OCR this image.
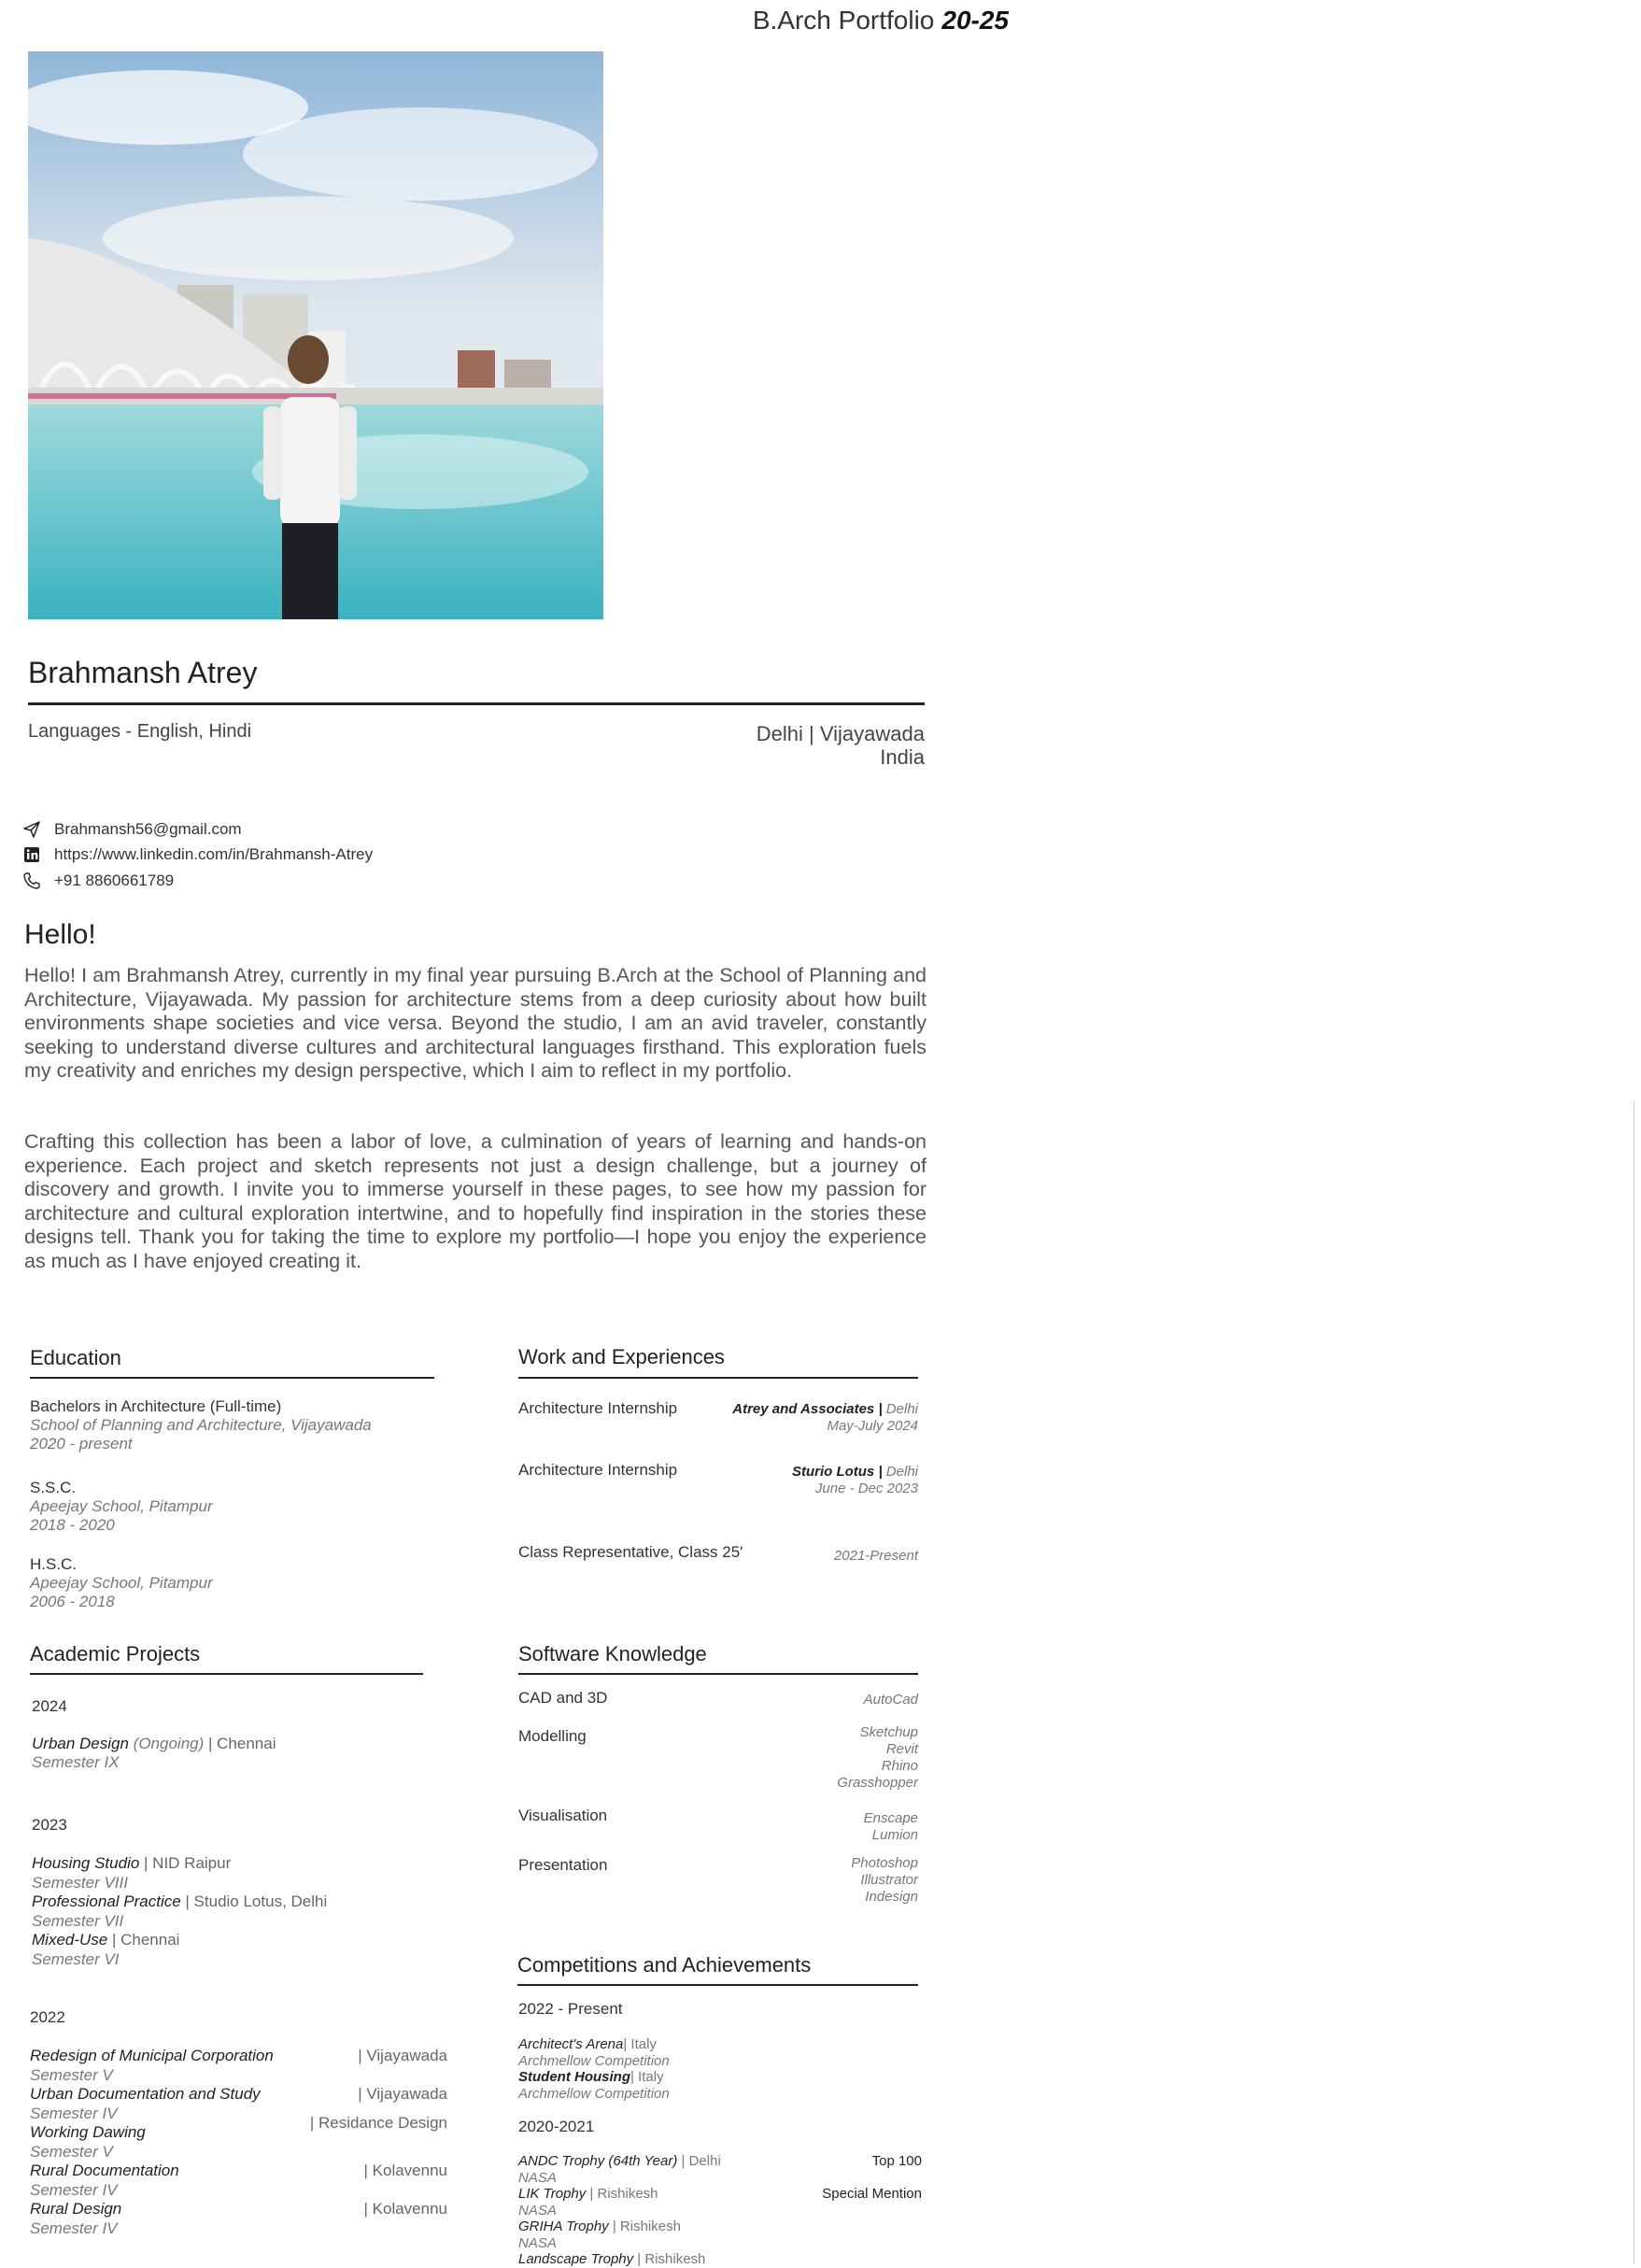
B.Arch Portfolio 20-25
Brahmansh Atrey
Languages - English, Hindi	Delhi | Vijayawada
India
Brahmansh56@gmail.com
https://www.linkedin.com/in/Brahmansh-Atrey
+91 8860661789
Hello!

Hello! I am Brahmansh Atrey, currently in my final year pursuing B.Arch at the School of Planning and Architecture, Vijayawada. My passion for architecture stems from a deep curiosity about how built environments shape societies and vice versa. Beyond the studio, I am an avid traveler, constantly seeking to understand diverse cultures and architectural languages firsthand. This exploration fuels my creativity and enriches my design perspective, which I aim to reflect in my portfolio.

Crafting this collection has been a labor of love, a culmination of years of learning and hands-on experience. Each project and sketch represents not just a design challenge, but a journey of discovery and growth. I invite you to immerse yourself in these pages, to see how my passion for architecture and cultural exploration intertwine, and to hopefully find inspiration in the stories these designs tell. Thank you for taking the time to explore my portfolio—I hope you enjoy the experience as much as I have enjoyed creating it.

Education
Bachelors in Architecture (Full-time)
School of Planning and Architecture, Vijayawada
2020 - present
S.S.C.
Apeejay School, Pitampur
2018 - 2020
H.S.C.
Apeejay School, Pitampur
2006 - 2018
Work and Experiences
Architecture Internship	Atrey and Associates | Delhi
May-July 2024
Architecture Internship	Sturio Lotus | Delhi
June - Dec 2023
Class Representative, Class 25'	2021-Present
Academic Projects
2024
Urban Design (Ongoing) | Chennai
Semester IX
2023
Housing Studio | NID Raipur
Semester VIII
Professional Practice | Studio Lotus, Delhi
Semester VII
Mixed-Use | Chennai
Semester VI
2022
Redesign of Municipal Corporation	| Vijayawada
Semester V
Urban Documentation and Study	| Vijayawada
Semester IV
Working Dawing
| Residance Design
Semester V
Rural Documentation	| Kolavennu
Semester IV
Rural Design	| Kolavennu
Semester IV
Software Knowledge
CAD and 3D	AutoCad
Modelling	Sketchup
Revit
Rhino
Grasshopper
Visualisation	Enscape
Lumion
Presentation	Photoshop
Illustrator
Indesign
Competitions and Achievements
2022 - Present
Architect's Arena| Italy
Archmellow Competition
Student Housing| Italy
Archmellow Competition
2020-2021
ANDC Trophy (64th Year) | Delhi	Top 100
NASA
LIK Trophy | Rishikesh	Special Mention
NASA
GRIHA Trophy | Rishikesh
NASA
Landscape Trophy | Rishikesh
